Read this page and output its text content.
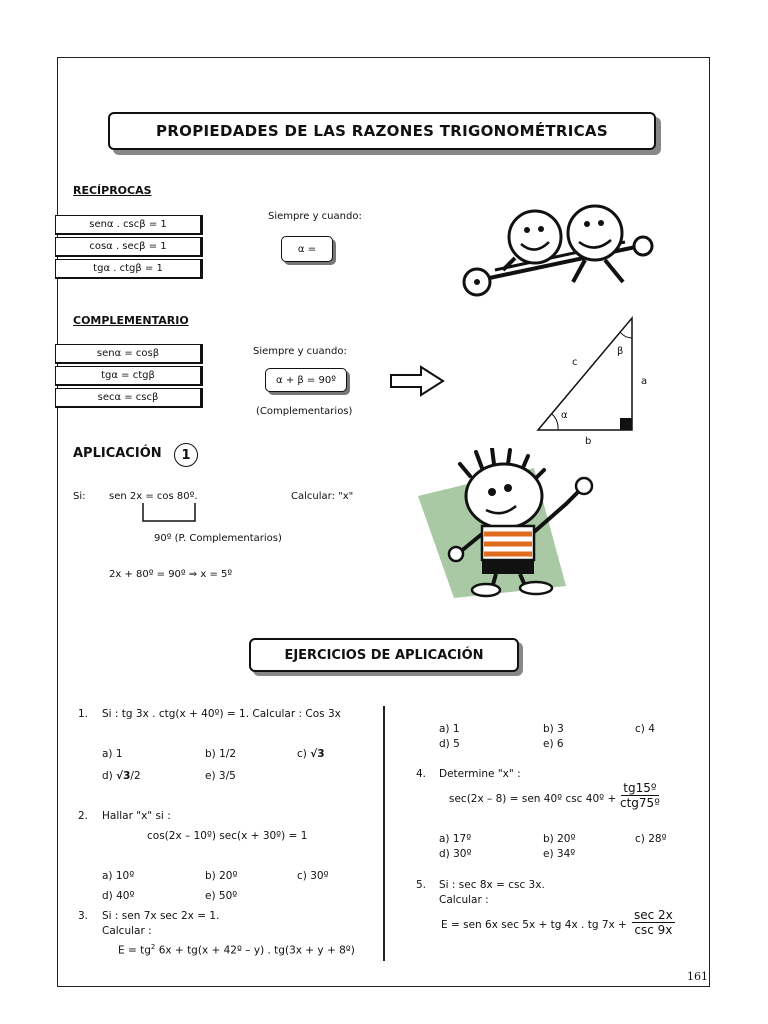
PROPIEDADES DE LAS RAZONES TRIGONOMÉTRICAS
RECÍPROCAS
senα . cscβ = 1
cosα . secβ = 1
tgα . ctgβ = 1
Siempre y cuando:
α =
COMPLEMENTARIO
senα = cosβ
tgα = ctgβ
secα = cscβ
Siempre y cuando:
α + β = 90º
(Complementarios)
c
a
b
α
β
APLICACIÓN	1
Si: sen 2x = cos 80º.	Calcular: "x"
90º (P. Complementarios)
2x + 80º = 90º ⇒ x = 5º
EJERCICIOS DE APLICACIÓN
1. Si : tg 3x . ctg(x + 40º) = 1. Calcular : Cos 3x
a) 1	b) 1/2	c) √3
d) √3/2	e) 3/5
2. Hallar "x" si :
cos(2x – 10º) sec(x + 30º) = 1
a) 10º	b) 20º	c) 30º
d) 40º	e) 50º
3. Si : sen 7x sec 2x = 1.
Calcular :
$E = tg^2$ 6x + tg(x + 42º – y) . tg(3x + y + 8º)
a) 1	b) 3	c) 4
d) 5	e) 6
4. Determine "x" :
sec(2x – 8) = sen 40º csc 40º + $\frac{\text{tg15º}}{\text{ctg75º}}$
a) 17º	b) 20º	c) 28º
d) 30º	e) 34º
5. Si : sec 8x = csc 3x.
Calcular :
E = sen 6x sec 5x + tg 4x . tg $7x + \frac{\sec 2x}{\csc 9x}$
161
